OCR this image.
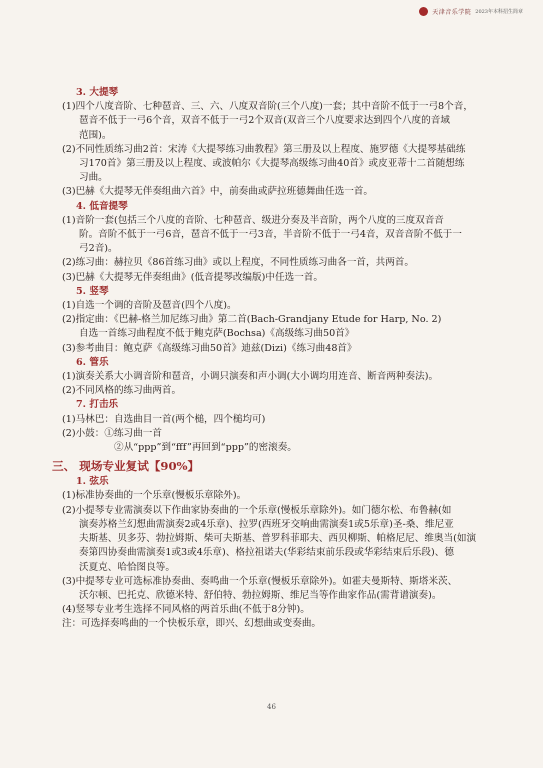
天津音乐学院 2023年本科招生简章

3. 大提琴

(1)四个八度音阶、七种琶音、三、六、八度双音阶(三个八度)一套；其中音阶不低于一弓8个音，

琶音不低于一弓6个音，双音不低于一弓2个双音(双音三个八度要求达到四个八度的音域

范围)。

(2)不同性质练习曲2首：宋涛《大提琴练习曲教程》第三册及以上程度、施罗德《大提琴基础练

习170首》第三册及以上程度、或波帕尔《大提琴高级练习曲40首》或皮亚蒂十二首随想练

习曲。

(3)巴赫《大提琴无伴奏组曲六首》中，前奏曲或萨拉班德舞曲任选一首。

4. 低音提琴

(1)音阶一套(包括三个八度的音阶、七种琶音、级进分奏及半音阶，两个八度的三度双音音

阶。音阶不低于一弓6音，琶音不低于一弓3音，半音阶不低于一弓4音，双音音阶不低于一

弓2音)。

(2)练习曲：赫拉贝《86首练习曲》或以上程度，不同性质练习曲各一首，共两首。

(3)巴赫《大提琴无伴奏组曲》(低音提琴改编版)中任选一首。

5. 竖琴

(1)自选一个调的音阶及琶音(四个八度)。

(2)指定曲：《巴赫-格兰加尼练习曲》第二首(Bach-Grandjany Etude for Harp, No. 2)

自选一首练习曲程度不低于鲍克萨(Bochsa)《高级练习曲50首》

(3)参考曲目：鲍克萨《高级练习曲50首》迪兹(Dizi)《练习曲48首》

6. 管乐

(1)演奏关系大小调音阶和琶音，小调只演奏和声小调(大小调均用连音、断音两种奏法)。

(2)不同风格的练习曲两首。

7. 打击乐

(1)马林巴：自选曲目一首(两个槌，四个槌均可)

(2)小鼓：①练习曲一首

②从“ppp”到“fff”再回到“ppp”的密滚奏。

三、 现场专业复试【90%】

1. 弦乐

(1)标准协奏曲的一个乐章(慢板乐章除外)。

(2)小提琴专业需演奏以下作曲家协奏曲的一个乐章(慢板乐章除外)。如门德尔松、布鲁赫(如

演奏苏格兰幻想曲需演奏2或4乐章)、拉罗(西班牙交响曲需演奏1或5乐章)圣-桑、维尼亚

夫斯基、贝多芬、勃拉姆斯、柴可夫斯基、普罗科菲耶夫、西贝柳斯、帕格尼尼、维奥当(如演

奏第四协奏曲需演奏1或3或4乐章)、格拉祖诺夫(华彩结束前乐段或华彩结束后乐段)、德

沃夏克、哈恰图良等。

(3)中提琴专业可选标准协奏曲、奏鸣曲一个乐章(慢板乐章除外)。如霍夫曼斯特、斯塔米茨、

沃尔顿、巴托克、欣德米特、舒伯特、勃拉姆斯、维尼当等作曲家作品(需背谱演奏)。

(4)竖琴专业考生选择不同风格的两首乐曲(不低于8分钟)。

注：可选择奏鸣曲的一个快板乐章，即兴、幻想曲或变奏曲。

46
